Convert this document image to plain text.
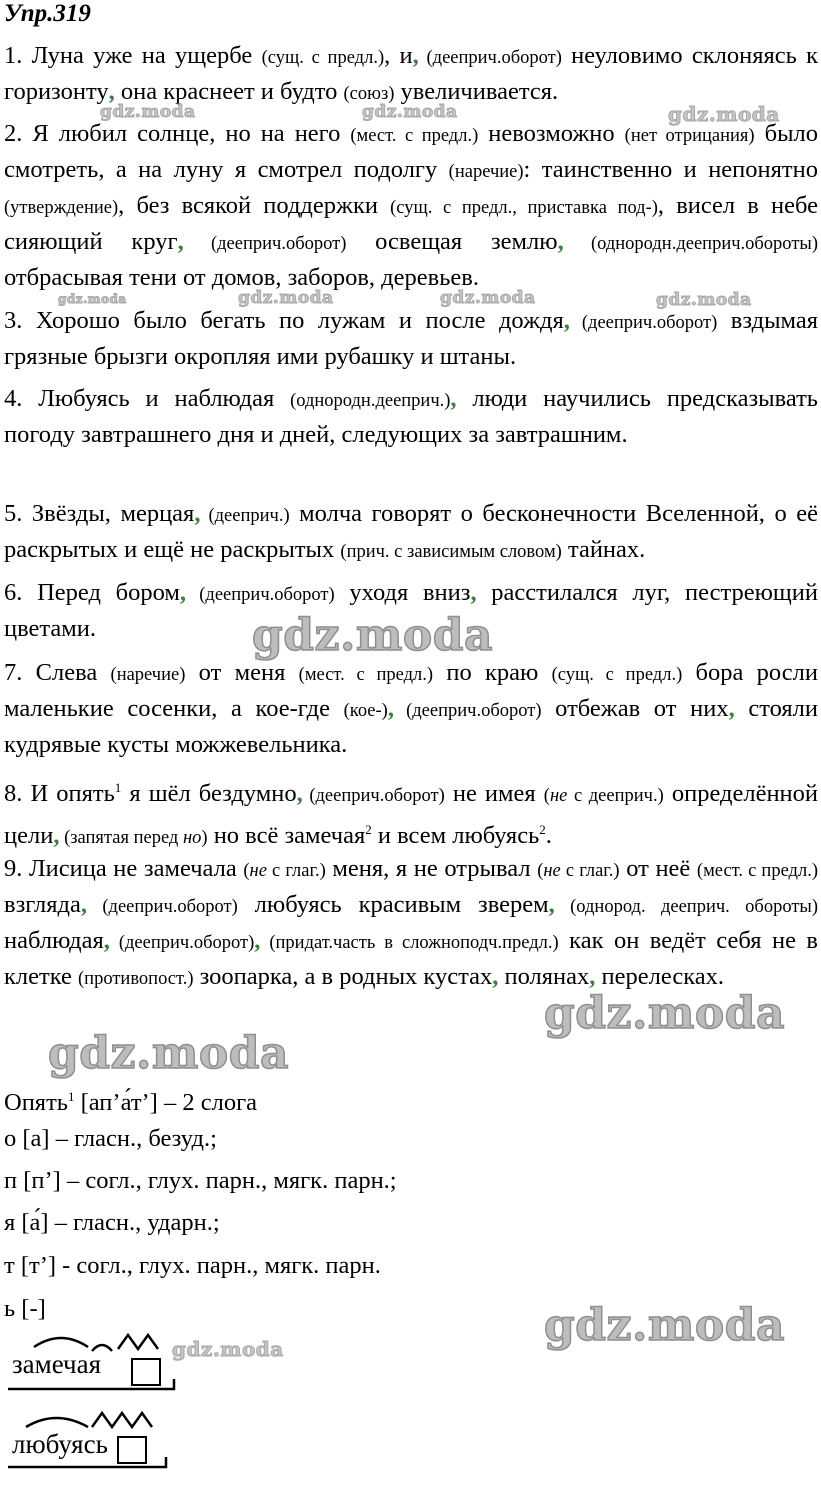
Упр.319
1. Луна уже на ущербе (сущ. с предл.), и, (дееприч.оборот) неуловимо склоняясь к горизонту, она краснеет и будто (союз) увеличивается.
2. Я любил солнце, но на него (мест. с предл.) невозможно (нет отрицания) было смотреть, а на луну я смотрел подолгу (наречие): таинственно и непонятно (утверждение), без всякой поддержки (сущ. с предл., приставка под-), висел в небе сияющий круг, (дееприч.оборот) освещая землю, (однородн.дееприч.обороты) отбрасывая тени от домов, заборов, деревьев.
3. Хорошо было бегать по лужам и после дождя, (дееприч.оборот) вздымая грязные брызги окропляя ими рубашку и штаны.
4. Любуясь и наблюдая (однородн.дееприч.), люди научились предсказывать погоду завтрашнего дня и дней, следующих за завтрашним.
5. Звёзды, мерцая, (дееприч.) молча говорят о бесконечности Вселенной, о её раскрытых и ещё не раскрытых (прич. с зависимым словом) тайнах.
6. Перед бором, (дееприч.оборот) уходя вниз, расстилался луг, пестреющий цветами.
7. Слева (наречие) от меня (мест. с предл.) по краю (сущ. с предл.) бора росли маленькие сосенки, а кое-где (кое-), (дееприч.оборот) отбежав от них, стояли кудрявые кусты можжевельника.
8. И опять$^1$ я шёл бездумно, (дееприч.оборот) не имея (не с дееприч.) определённой цели, (запятая перед но) но всё замечая$^2$ и всем любуясь$^2$.
9. Лисица не замечала (не с глаг.) меня, я не отрывал (не с глаг.) от неё (мест. с предл.) взгляда, (дееприч.оборот) любуясь красивым зверем, (однород. дееприч. обороты) наблюдая, (дееприч.оборот), (придат.часть в сложноподч.предл.) как он ведёт себя не в клетке (противопост.) зоопарка, а в родных кустах, полянах, перелесках.
Опять$^1$ [ап’а́т’] – 2 слога
о [а] – гласн., безуд.;
п [п’] – согл., глух. парн., мягк. парн.;
я [а́] – гласн., ударн.;
т [т’] - согл., глух. парн., мягк. парн.
ь [-]
замечая
любуясь
gdz.moda	gdz.moda	gdz.moda
gdz.moda	gdz.moda	gdz.moda	gdz.moda
gdz.moda
gdz.moda
gdz.moda
gdz.moda
gdz.moda
